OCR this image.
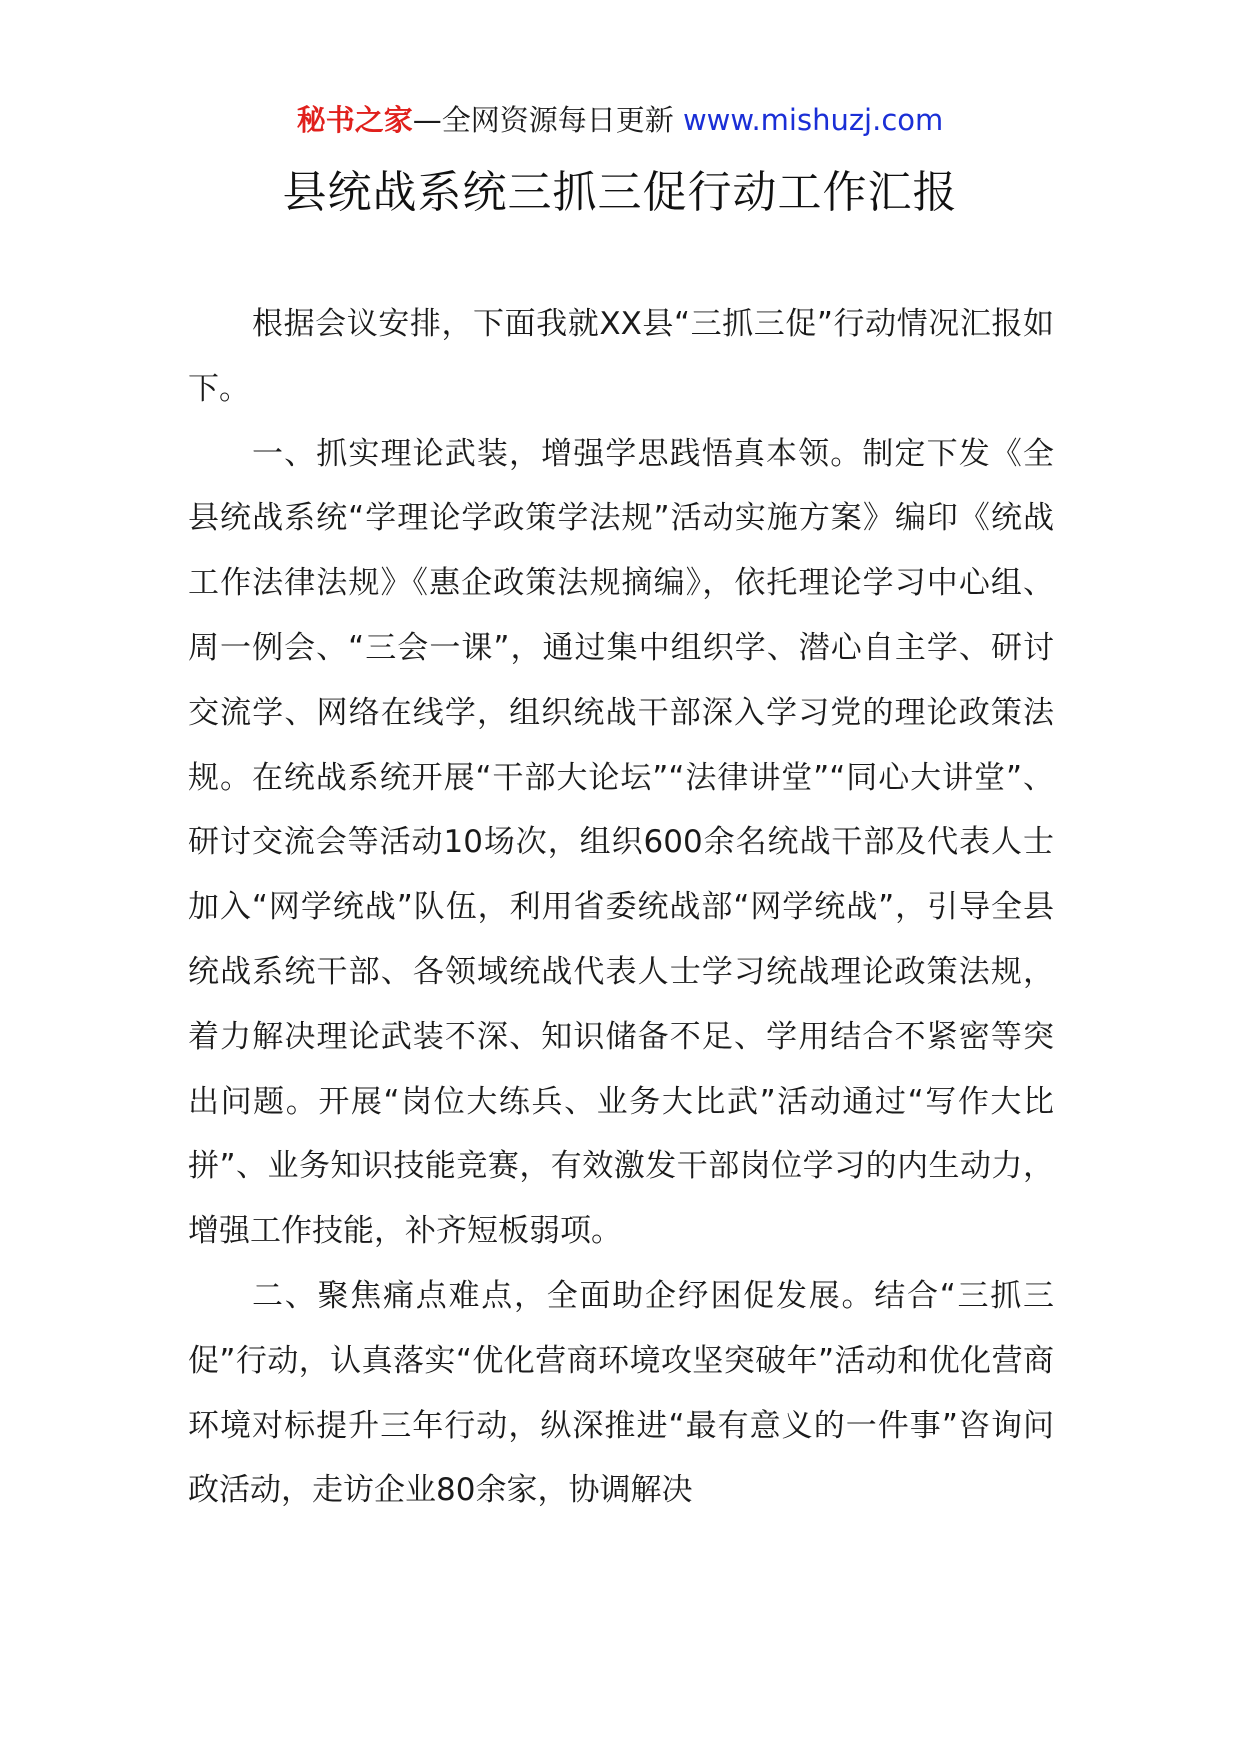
秘书之家—全网资源每日更新 www.mishuzj.com
县统战系统三抓三促行动工作汇报

根据会议安排，下面我就XX县“三抓三促”行动情况汇报如下。

一、抓实理论武装，增强学思践悟真本领。制定下发《全县统战系统“学理论学政策学法规”活动实施方案》编印《统战工作法律法规》《惠企政策法规摘编》，依托理论学习中心组、周一例会、“三会一课”，通过集中组织学、潜心自主学、研讨交流学、网络在线学，组织统战干部深入学习党的理论政策法规。在统战系统开展“干部大论坛”“法律讲堂”“同心大讲堂”、研讨交流会等活动10场次，组织600余名统战干部及代表人士加入“网学统战”队伍，利用省委统战部“网学统战”，引导全县统战系统干部、各领域统战代表人士学习统战理论政策法规，着力解决理论武装不深、知识储备不足、学用结合不紧密等突出问题。开展“岗位大练兵、业务大比武”活动通过“写作大比拼”、业务知识技能竞赛，有效激发干部岗位学习的内生动力，增强工作技能，补齐短板弱项。

二、聚焦痛点难点，全面助企纾困促发展。结合“三抓三促”行动，认真落实“优化营商环境攻坚突破年”活动和优化营商环境对标提升三年行动，纵深推进“最有意义的一件事”咨询问政活动，走访企业80余家，协调解决
